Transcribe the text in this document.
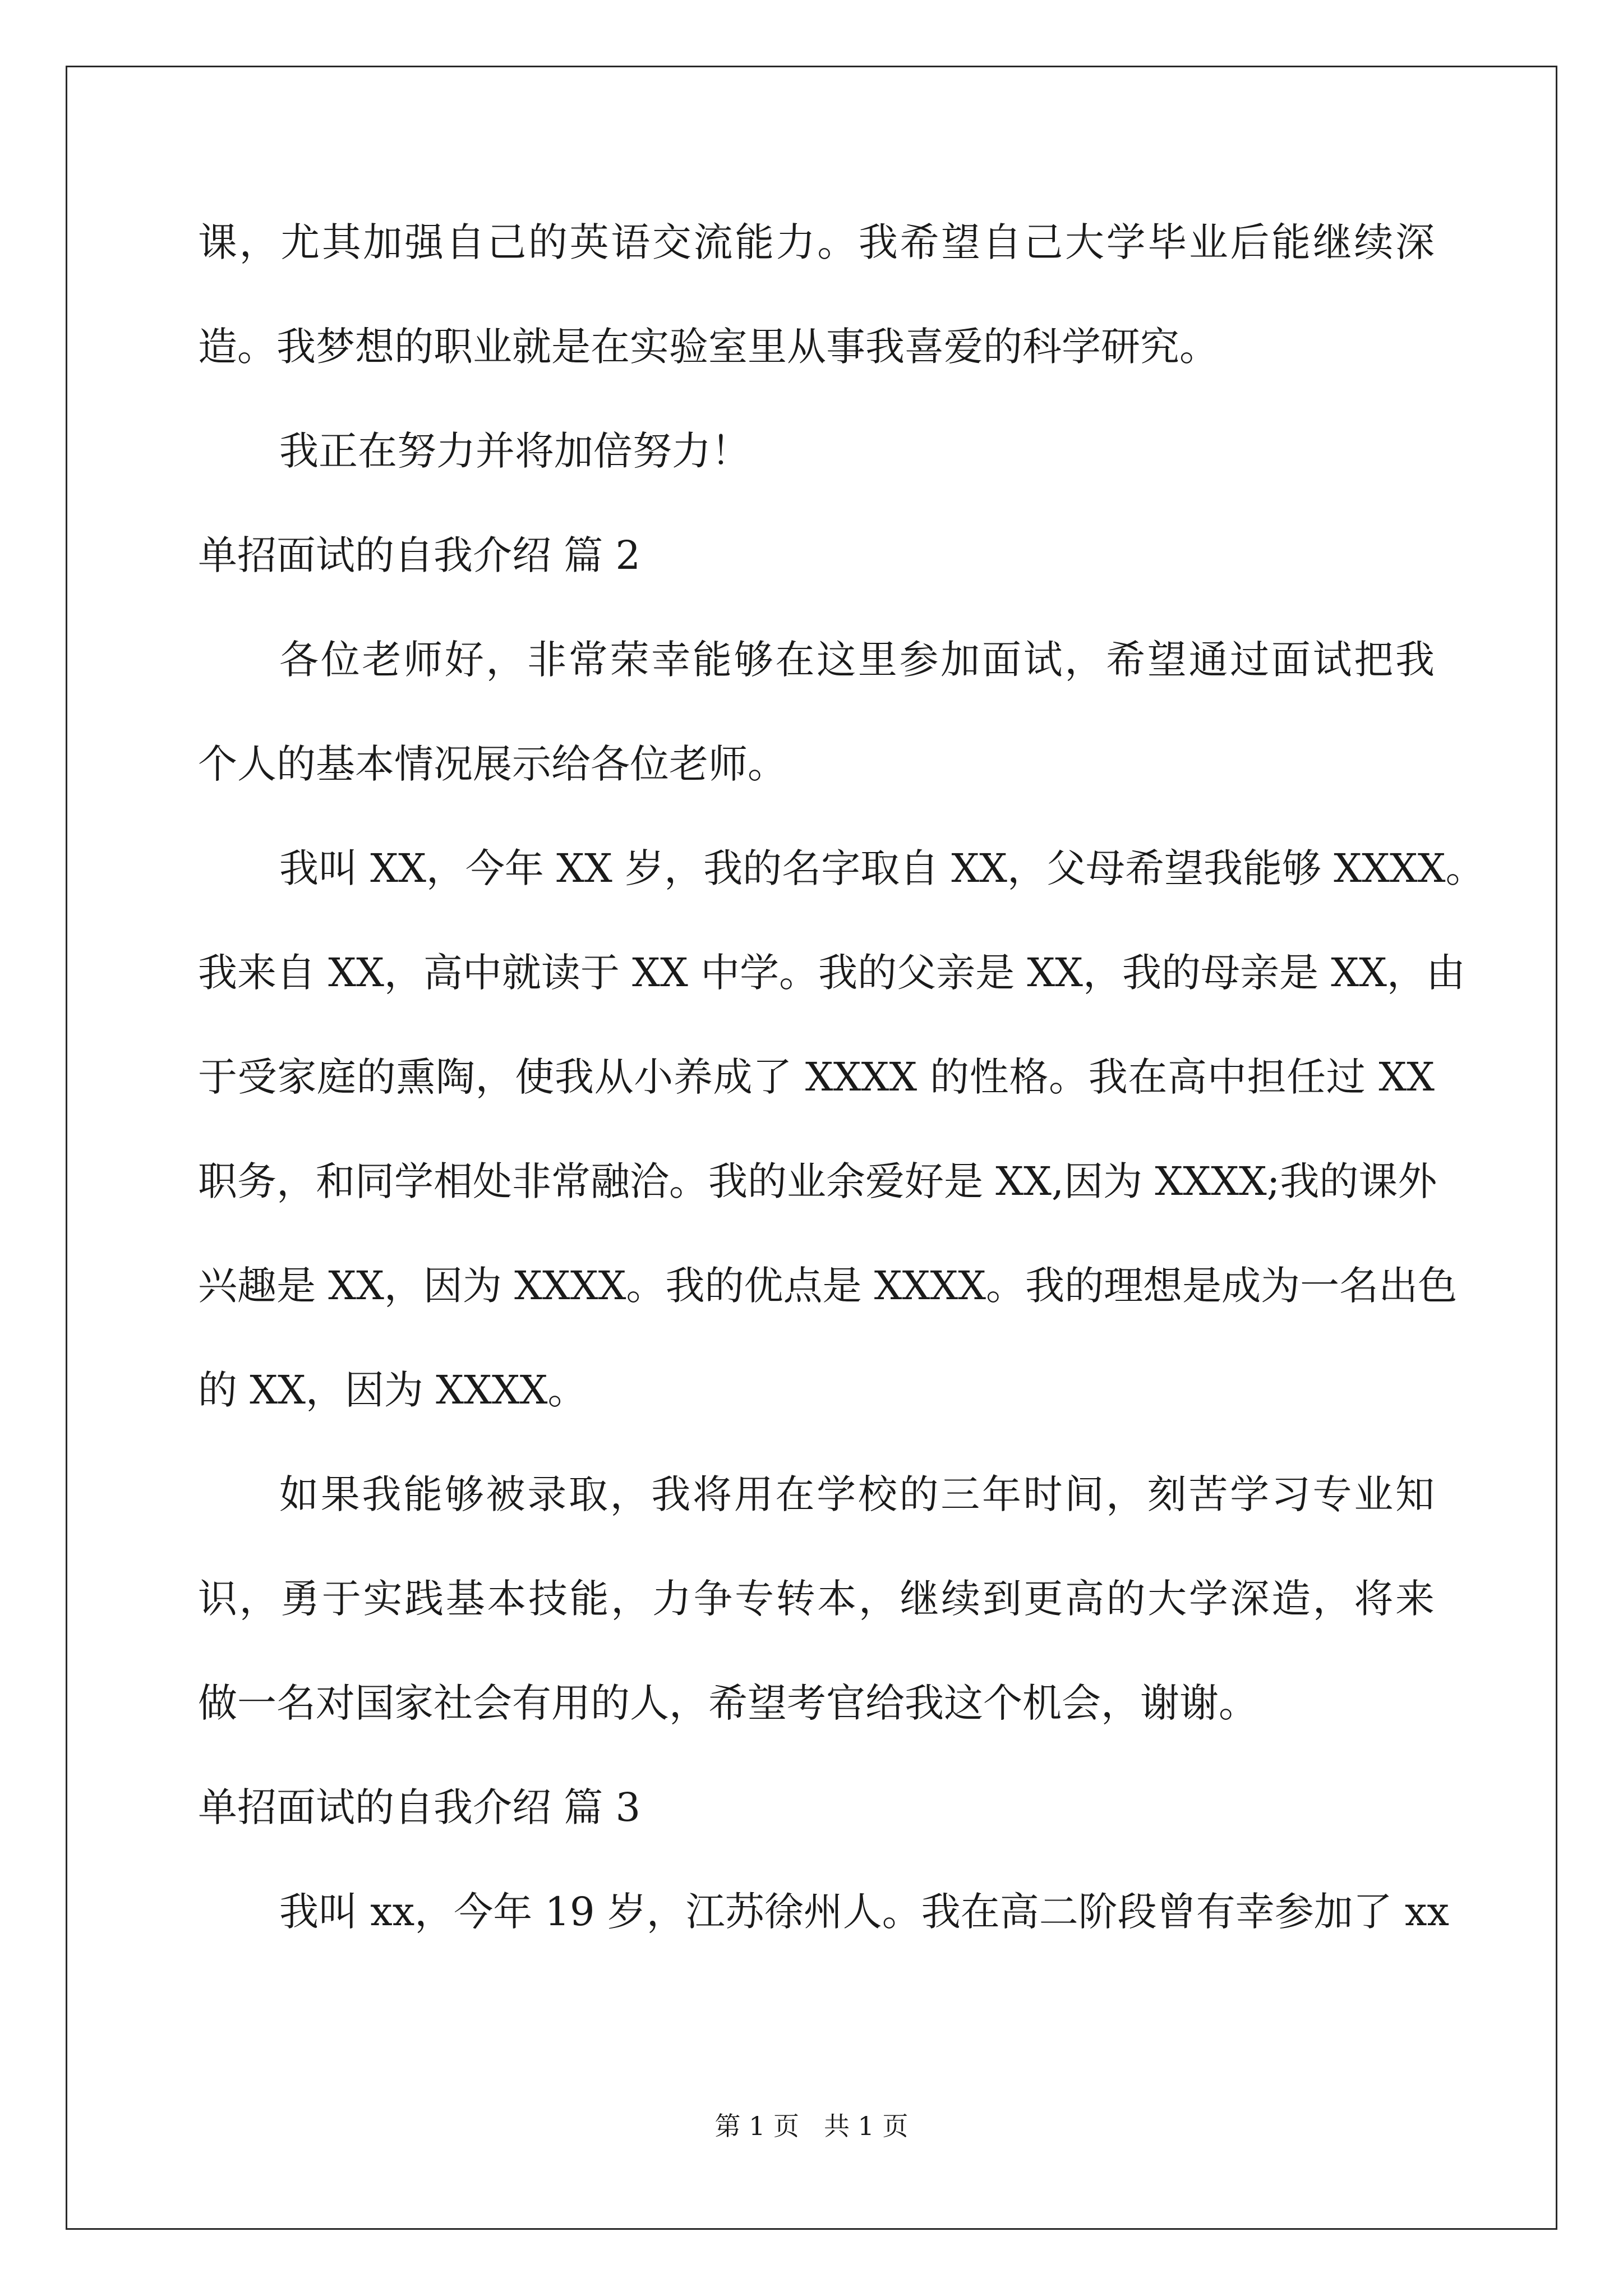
课，尤其加强自己的英语交流能力。我希望自己大学毕业后能继续深
造。我梦想的职业就是在实验室里从事我喜爱的科学研究。
我正在努力并将加倍努力！
单招面试的自我介绍 篇 2
各位老师好，非常荣幸能够在这里参加面试，希望通过面试把我
个人的基本情况展示给各位老师。
我叫 XX，今年 XX 岁，我的名字取自 XX，父母希望我能够 XXXX。
我来自 XX，高中就读于 XX 中学。我的父亲是 XX，我的母亲是 XX，由
于受家庭的熏陶，使我从小养成了 XXXX 的性格。我在高中担任过 XX
职务，和同学相处非常融洽。我的业余爱好是 XX,因为 XXXX;我的课外
兴趣是 XX，因为 XXXX。我的优点是 XXXX。我的理想是成为一名出色
的 XX，因为 XXXX。
如果我能够被录取，我将用在学校的三年时间，刻苦学习专业知
识，勇于实践基本技能，力争专转本，继续到更高的大学深造，将来
做一名对国家社会有用的人，希望考官给我这个机会，谢谢。
单招面试的自我介绍 篇 3
我叫 xx，今年 19 岁，江苏徐州人。我在高二阶段曾有幸参加了 xx
第 1 页 共 1 页
